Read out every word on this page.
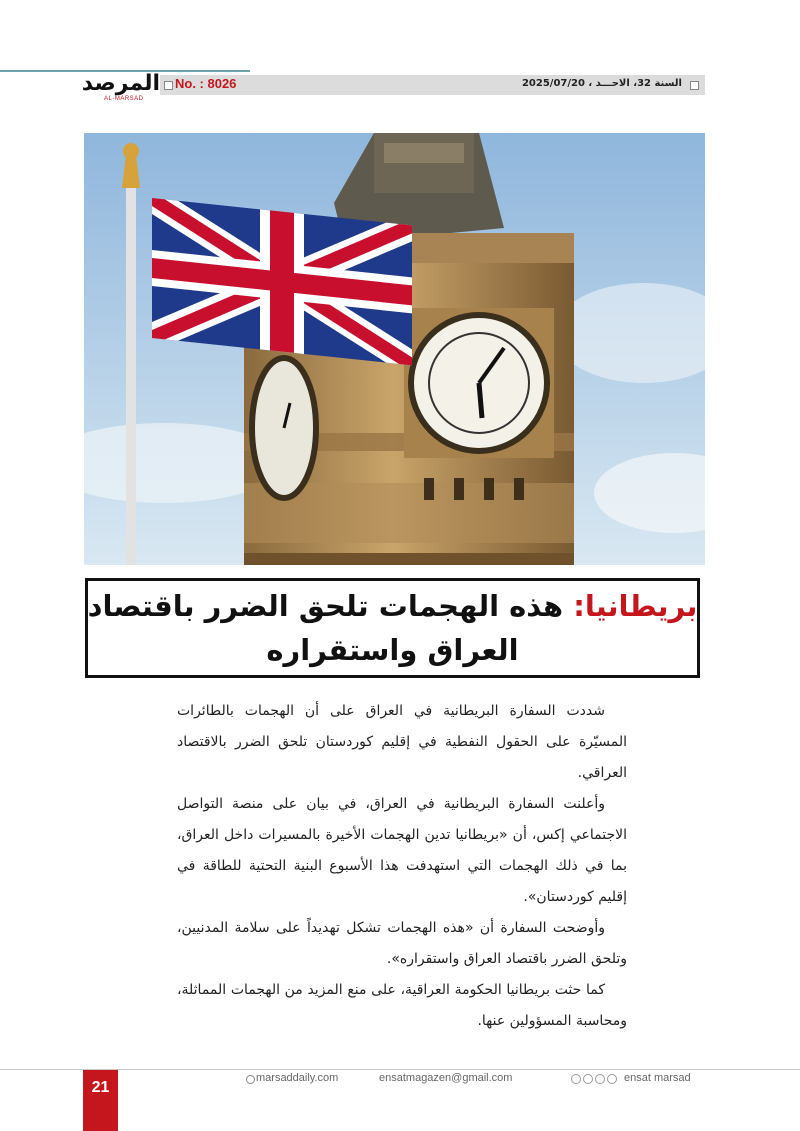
المرصد
AL-MARSAD
No. : 8026	السنة 32، الاحـــد ، 2025/07/20
بريطانيا: هذه الهجمات تلحق الضرر باقتصاد
العراق واستقراره

شددت السفارة البريطانية في العراق على أن الهجمات بالطائرات المسيّرة على الحقول النفطية في إقليم كوردستان تلحق الضرر بالاقتصاد العراقي.

وأعلنت السفارة البريطانية في العراق، في بيان على منصة التواصل الاجتماعي إكس، أن «بريطانيا تدين الهجمات الأخيرة بالمسيرات داخل العراق، بما في ذلك الهجمات التي استهدفت هذا الأسبوع البنية التحتية للطاقة في إقليم كوردستان».

وأوضحت السفارة أن «هذه الهجمات تشكل تهديداً على سلامة المدنيين، وتلحق الضرر باقتصاد العراق واستقراره».

كما حثت بريطانيا الحكومة العراقية، على منع المزيد من الهجمات المماثلة، ومحاسبة المسؤولين عنها.

21
marsaddaily.com	ensatmagazen@gmail.com	ensat marsad
